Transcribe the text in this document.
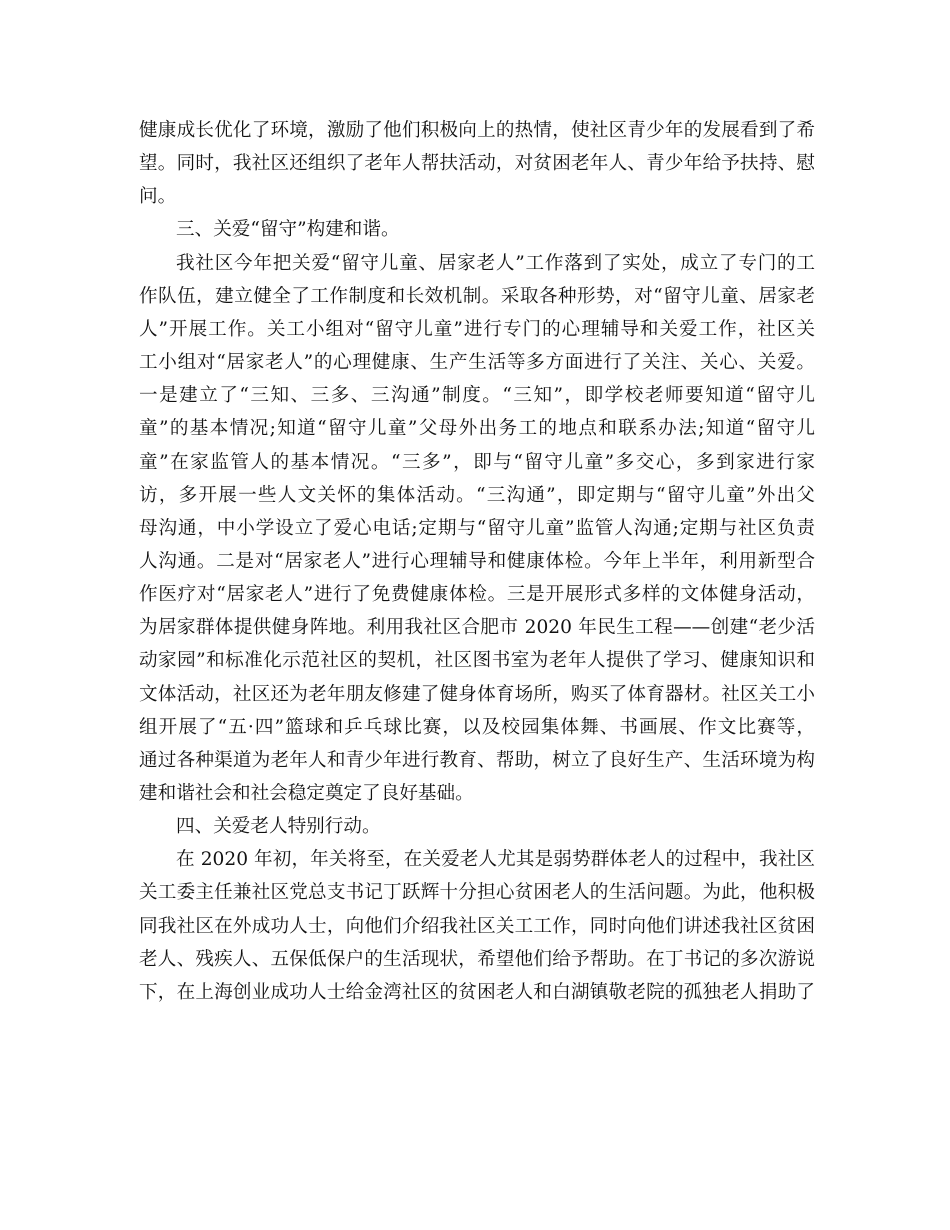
健康成长优化了环境，激励了他们积极向上的热情，使社区青少年的发展看到了希
望。同时，我社区还组织了老年人帮扶活动，对贫困老年人、青少年给予扶持、慰
问。
三、关爱“留守”构建和谐。
我社区今年把关爱“留守儿童、居家老人”工作落到了实处，成立了专门的工
作队伍，建立健全了工作制度和长效机制。采取各种形势，对“留守儿童、居家老
人”开展工作。关工小组对“留守儿童”进行专门的心理辅导和关爱工作，社区关
工小组对“居家老人”的心理健康、生产生活等多方面进行了关注、关心、关爱。
一是建立了“三知、三多、三沟通”制度。“三知”，即学校老师要知道“留守儿
童”的基本情况;知道“留守儿童”父母外出务工的地点和联系办法;知道“留守儿
童”在家监管人的基本情况。“三多”，即与“留守儿童”多交心，多到家进行家
访，多开展一些人文关怀的集体活动。“三沟通”，即定期与“留守儿童”外出父
母沟通，中小学设立了爱心电话;定期与“留守儿童”监管人沟通;定期与社区负责
人沟通。二是对“居家老人”进行心理辅导和健康体检。今年上半年，利用新型合
作医疗对“居家老人”进行了免费健康体检。三是开展形式多样的文体健身活动，
为居家群体提供健身阵地。利用我社区合肥市 2020 年民生工程——创建“老少活
动家园”和标准化示范社区的契机，社区图书室为老年人提供了学习、健康知识和
文体活动，社区还为老年朋友修建了健身体育场所，购买了体育器材。社区关工小
组开展了“五·四”篮球和乒乓球比赛，以及校园集体舞、书画展、作文比赛等，
通过各种渠道为老年人和青少年进行教育、帮助，树立了良好生产、生活环境为构
建和谐社会和社会稳定奠定了良好基础。
四、关爱老人特别行动。
在 2020 年初，年关将至，在关爱老人尤其是弱势群体老人的过程中，我社区
关工委主任兼社区党总支书记丁跃辉十分担心贫困老人的生活问题。为此，他积极
同我社区在外成功人士，向他们介绍我社区关工工作，同时向他们讲述我社区贫困
老人、残疾人、五保低保户的生活现状，希望他们给予帮助。在丁书记的多次游说
下，在上海创业成功人士给金湾社区的贫困老人和白湖镇敬老院的孤独老人捐助了
